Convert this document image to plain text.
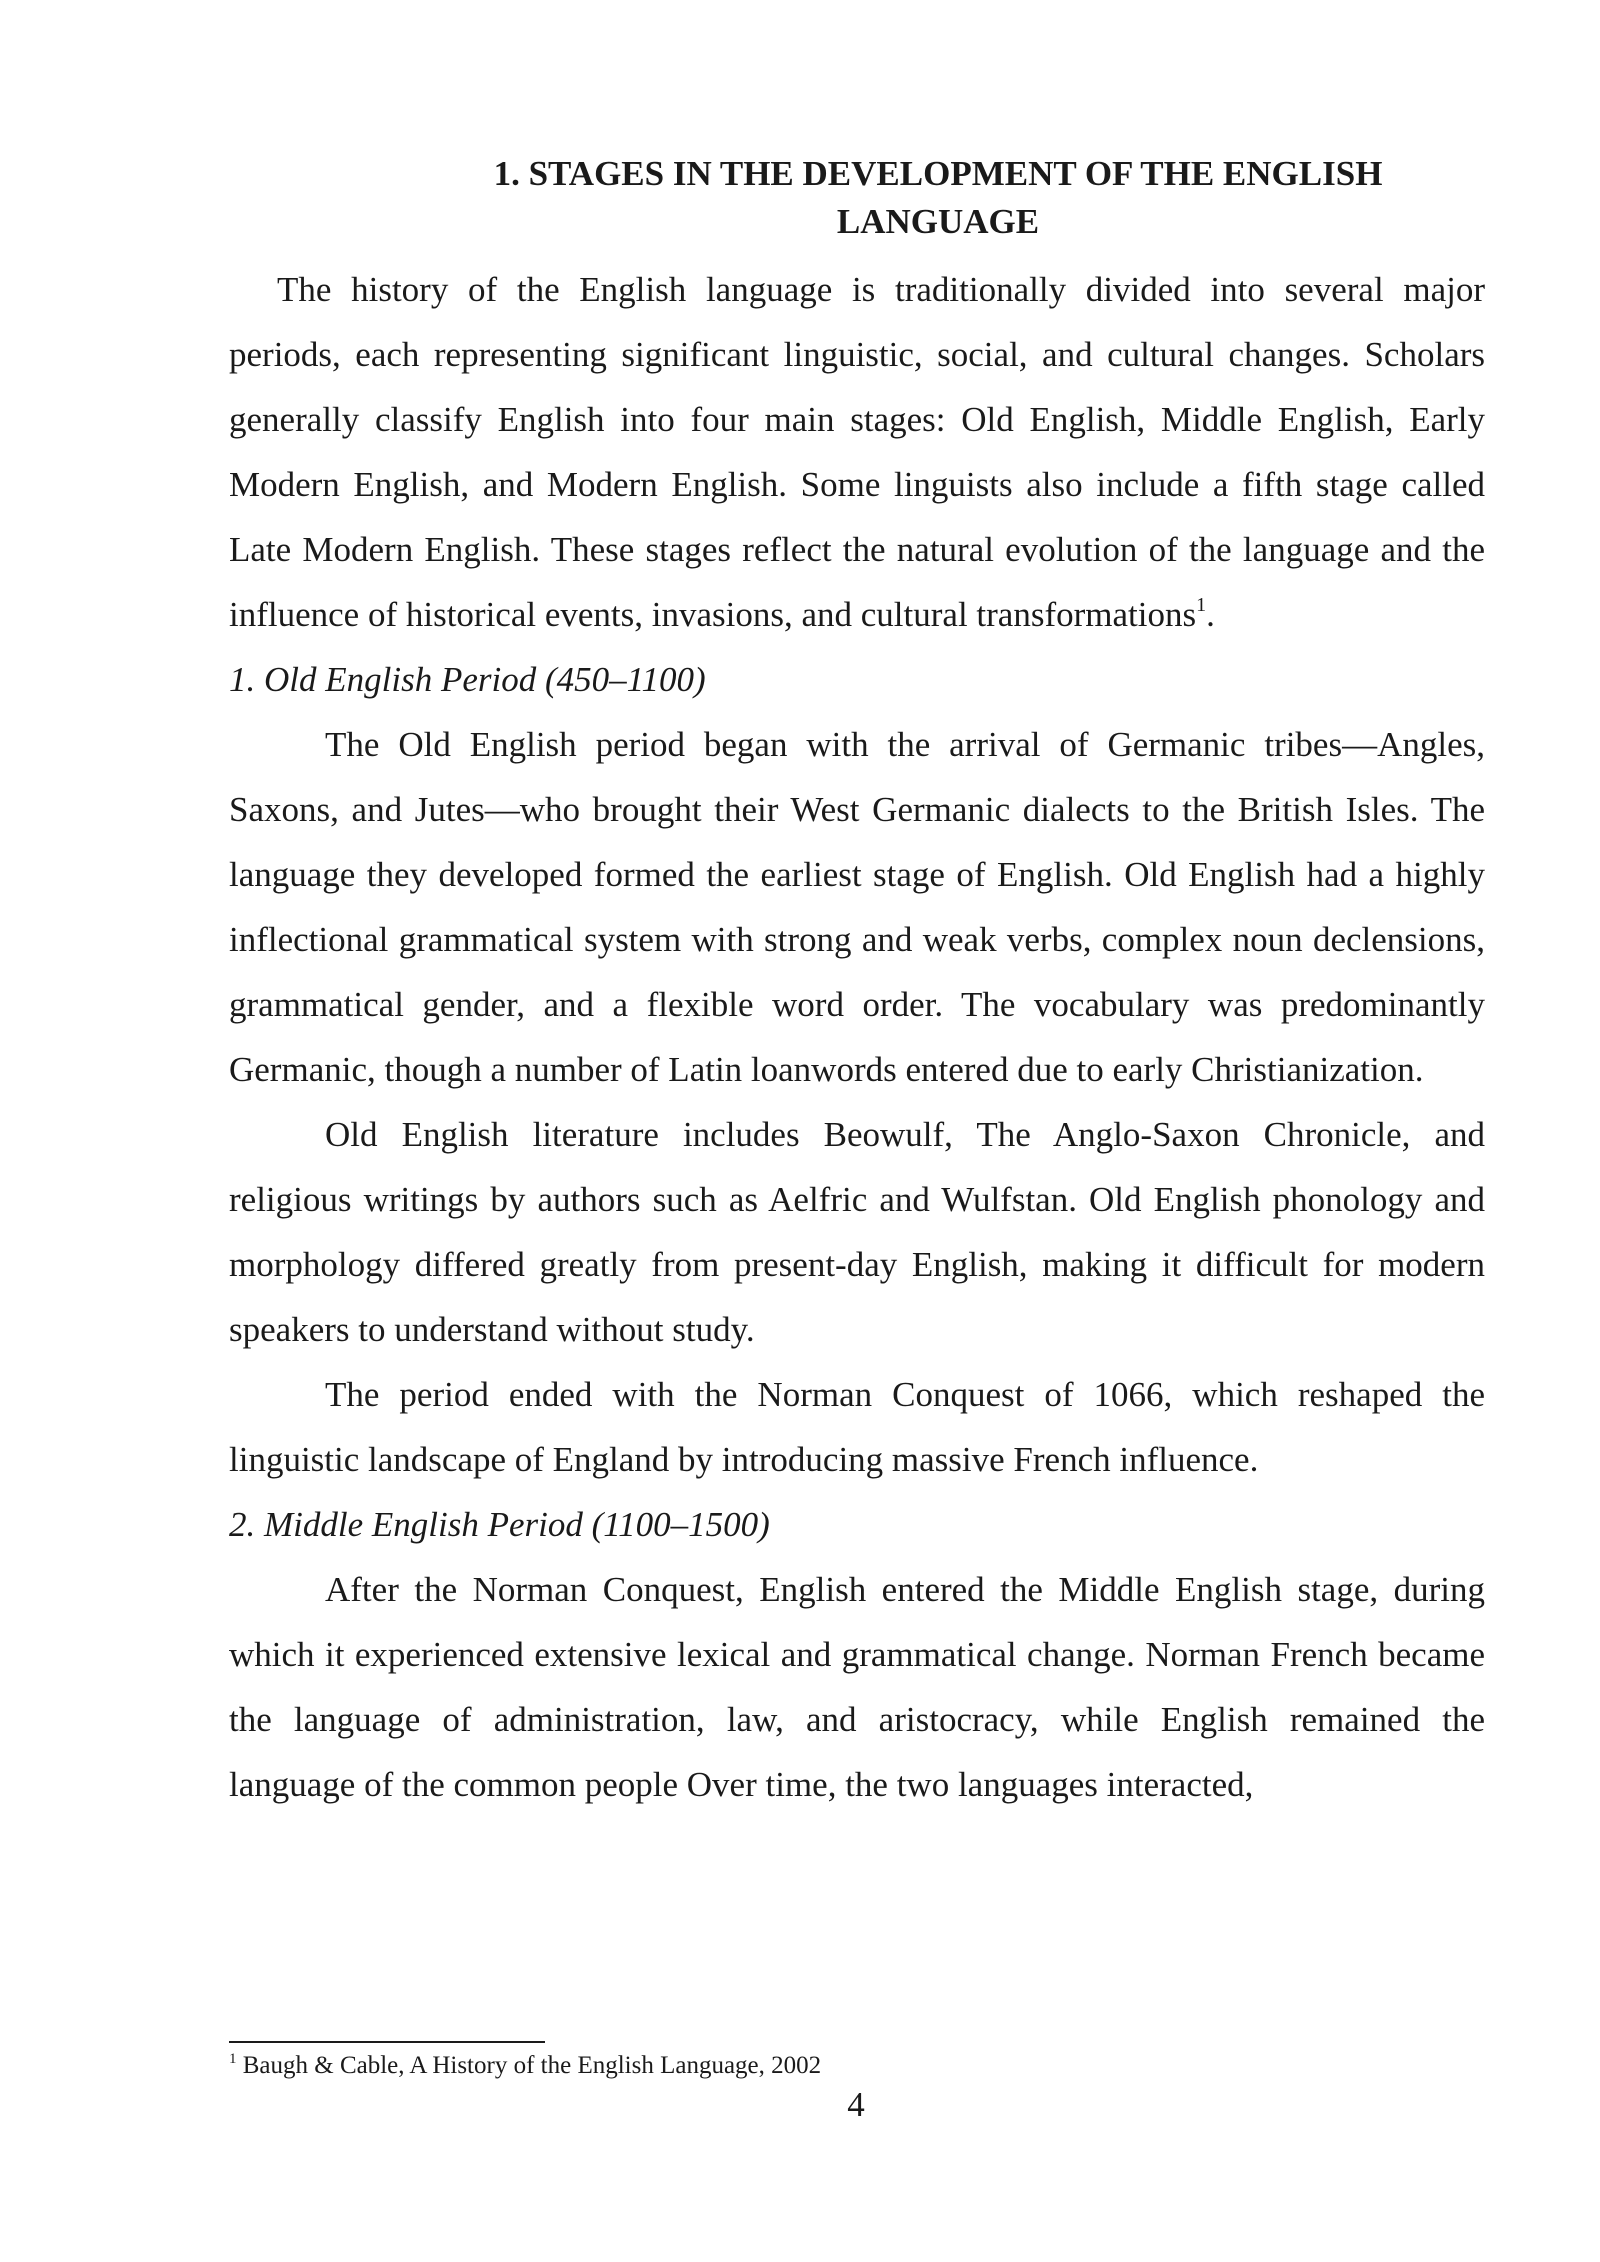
1. STAGES IN THE DEVELOPMENT OF THE ENGLISH
LANGUAGE

The history of the English language is traditionally divided into several major periods, each representing significant linguistic, social, and cultural changes. Scholars generally classify English into four main stages: Old English, Middle English, Early Modern English, and Modern English. Some linguists also include a fifth stage called Late Modern English. These stages reflect the natural evolution of the language and the influence of historical events, invasions, and cultural transformations$^1$.

1. Old English Period (450–1100)

The Old English period began with the arrival of Germanic tribes—Angles, Saxons, and Jutes—who brought their West Germanic dialects to the British Isles. The language they developed formed the earliest stage of English. Old English had a highly inflectional grammatical system with strong and weak verbs, complex noun declensions, grammatical gender, and a flexible word order. The vocabulary was predominantly Germanic, though a number of Latin loanwords entered due to early Christianization.

Old English literature includes Beowulf, The Anglo-Saxon Chronicle, and religious writings by authors such as Aelfric and Wulfstan. Old English phonology and morphology differed greatly from present-day English, making it difficult for modern speakers to understand without study.

The period ended with the Norman Conquest of 1066, which reshaped the linguistic landscape of England by introducing massive French influence.

2. Middle English Period (1100–1500)

After the Norman Conquest, English entered the Middle English stage, during which it experienced extensive lexical and grammatical change. Norman French became the language of administration, law, and aristocracy, while English remained the language of the common people Over time, the two languages interacted,

$^1$ Baugh & Cable, A History of the English Language, 2002
4
